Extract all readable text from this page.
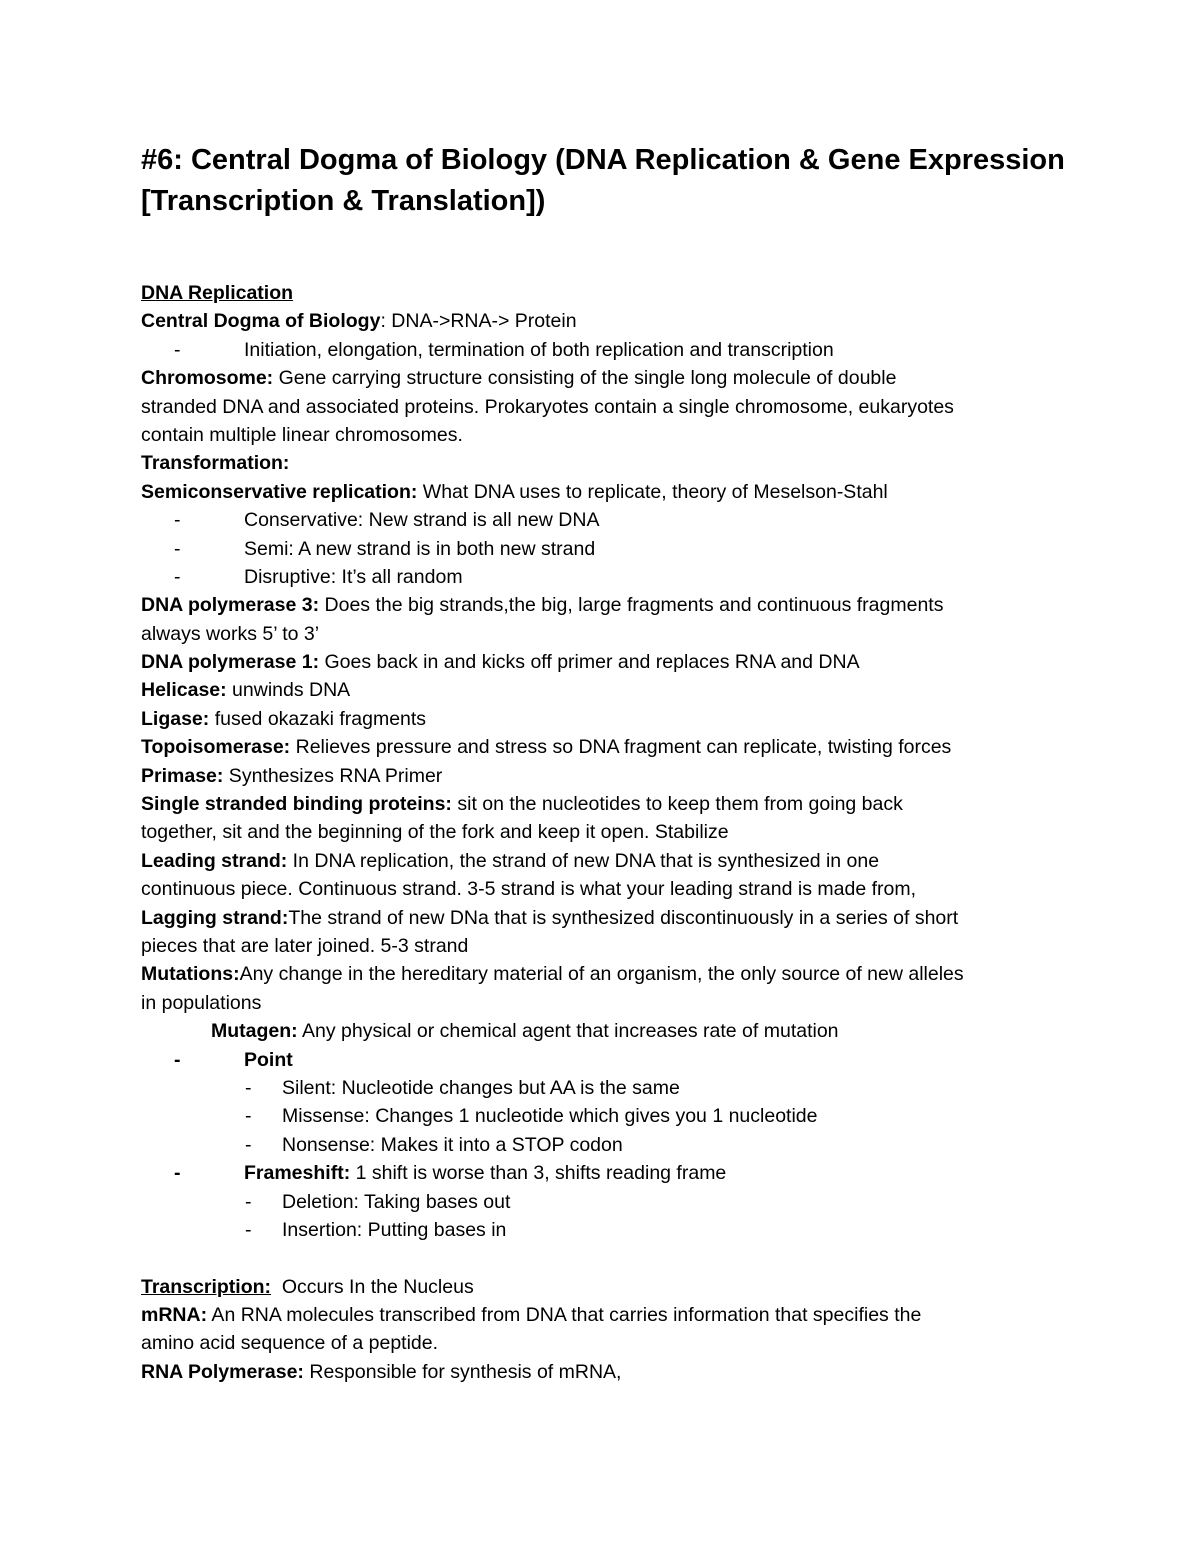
#6: Central Dogma of Biology (DNA Replication & Gene Expression [Transcription & Translation])
DNA Replication
Central Dogma of Biology: DNA->RNA-> Protein
-	Initiation, elongation, termination of both replication and transcription
Chromosome: Gene carrying structure consisting of the single long molecule of double
stranded DNA and associated proteins. Prokaryotes contain a single chromosome, eukaryotes
contain multiple linear chromosomes.
Transformation:
Semiconservative replication: What DNA uses to replicate, theory of Meselson-Stahl
-	Conservative: New strand is all new DNA
-	Semi: A new strand is in both new strand
-	Disruptive: It’s all random
DNA polymerase 3: Does the big strands,the big, large fragments and continuous fragments
always works 5’ to 3’
DNA polymerase 1: Goes back in and kicks off primer and replaces RNA and DNA
Helicase: unwinds DNA
Ligase: fused okazaki fragments
Topoisomerase: Relieves pressure and stress so DNA fragment can replicate, twisting forces
Primase: Synthesizes RNA Primer
Single stranded binding proteins: sit on the nucleotides to keep them from going back
together, sit and the beginning of the fork and keep it open. Stabilize
Leading strand: In DNA replication, the strand of new DNA that is synthesized in one
continuous piece. Continuous strand. 3-5 strand is what your leading strand is made from,
Lagging strand:The strand of new DNa that is synthesized discontinuously in a series of short
pieces that are later joined. 5-3 strand
Mutations:Any change in the hereditary material of an organism, the only source of new alleles
in populations
Mutagen: Any physical or chemical agent that increases rate of mutation
-	Point
- Silent: Nucleotide changes but AA is the same
- Missense: Changes 1 nucleotide which gives you 1 nucleotide
- Nonsense: Makes it into a STOP codon
-	Frameshift: 1 shift is worse than 3, shifts reading frame
- Deletion: Taking bases out
- Insertion: Putting bases in
Transcription:  Occurs In the Nucleus
mRNA: An RNA molecules transcribed from DNA that carries information that specifies the
amino acid sequence of a peptide.
RNA Polymerase: Responsible for synthesis of mRNA,
